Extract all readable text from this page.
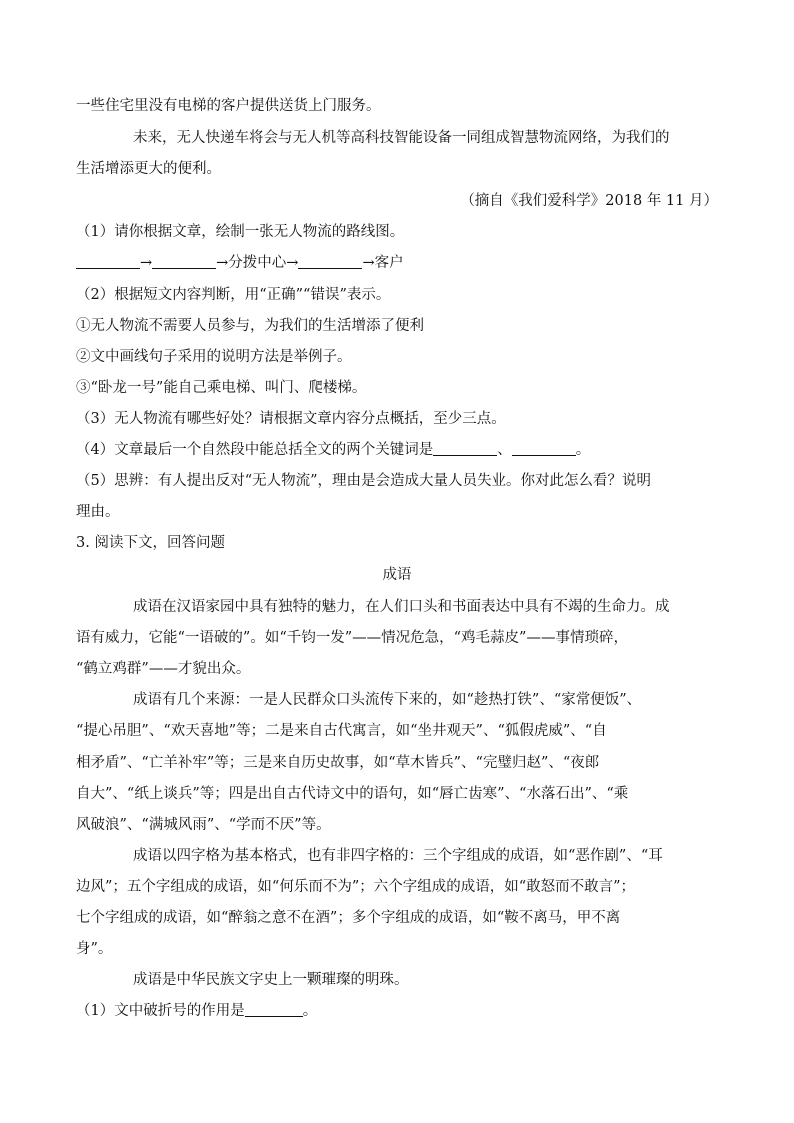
一些住宅里没有电梯的客户提供送货上门服务。
未来，无人快递车将会与无人机等高科技智能设备一同组成智慧物流网络，为我们的
生活增添更大的便利。
（摘自《我们爱科学》2018 年 11 月）
（1）请你根据文章，绘制一张无人物流的路线图。
→	→分拨中心→	→客户
（2）根据短文内容判断，用“正确”“错误”表示。
①无人物流不需要人员参与，为我们的生活增添了便利
②文中画线句子采用的说明方法是举例子。
③“卧龙一号”能自己乘电梯、叫门、爬楼梯。
（3）无人物流有哪些好处？请根据文章内容分点概括，至少三点。
（4）文章最后一个自然段中能总括全文的两个关键词是	、	。
（5）思辨：有人提出反对“无人物流”，理由是会造成大量人员失业。你对此怎么看？说明
理由。
3. 阅读下文，回答问题
成语
成语在汉语家园中具有独特的魅力，在人们口头和书面表达中具有不竭的生命力。成
语有威力，它能“一语破的”。如“千钧一发”——情况危急，“鸡毛蒜皮”——事情琐碎，
“鹤立鸡群”——才貌出众。
成语有几个来源：一是人民群众口头流传下来的，如“趁热打铁”、“家常便饭”、
“提心吊胆”、“欢天喜地”等；二是来自古代寓言，如“坐井观天”、“狐假虎威”、“自
相矛盾”、“亡羊补牢”等；三是来自历史故事，如“草木皆兵”、“完璧归赵”、“夜郎
自大”、“纸上谈兵”等；四是出自古代诗文中的语句，如“唇亡齿寒”、“水落石出”、“乘
风破浪”、“满城风雨”、“学而不厌”等。
成语以四字格为基本格式，也有非四字格的：三个字组成的成语，如“恶作剧”、“耳
边风”；五个字组成的成语，如“何乐而不为”；六个字组成的成语，如“敢怒而不敢言”；
七个字组成的成语，如“醉翁之意不在酒”；多个字组成的成语，如“鞍不离马，甲不离
身”。
成语是中华民族文字史上一颗璀璨的明珠。
（1）文中破折号的作用是	。
